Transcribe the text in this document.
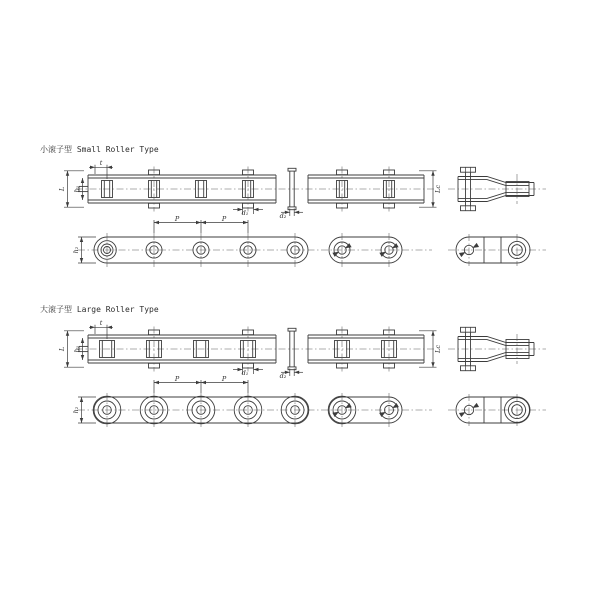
小滚子型 Small Roller Type
大滚子型 Large Roller Type
P	P
d₁	d₂
L b₁
t
Lc
h₂
P	P
d₁	d₂
L b₁
t
Lc
h₂
